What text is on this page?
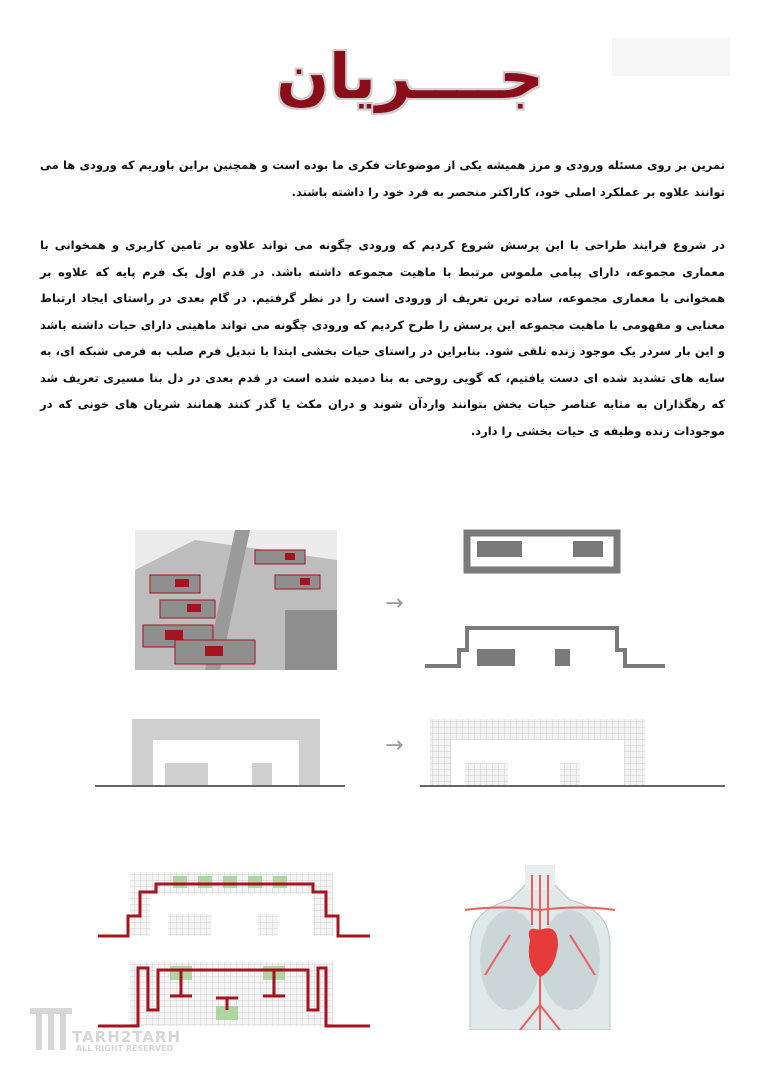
جــــریان
تمرین بر روی مسئله ورودی و مرز همیشه یکی از موضوعات فکری ما بوده است و همچنین براین باوریم که ورودی ها می توانند علاوه بر عملکرد اصلی خود، کاراکتر منحصر به فرد خود را داشته باشند.
در شروع فرایند طراحی با این پرسش شروع کردیم که ورودی چگونه می تواند علاوه بر تامین کاربری و همخوانی با معماری مجموعه، دارای پیامی ملموس مرتبط با ماهیت مجموعه داشته باشد. در قدم اول یک فرم پایه که علاوه بر همخوانی با معماری مجموعه، ساده ترین تعریف از ورودی است را در نظر گرفتیم. در گام بعدی در راستای ایجاد ارتباط معنایی و مفهومی با ماهیت مجموعه این پرسش را طرح کردیم که ورودی چگونه می تواند ماهیتی دارای حیات داشته باشد و این بار سردر یک موجود زنده تلقی شود. بنابراین در راستای حیات بخشی ابتدا با تبدیل فرم صلب به فرمی شبکه ای، به سایه های تشدید شده ای دست یافتیم، که گویی روحی به بنا دمیده شده است در قدم بعدی در دل بنا مسیری تعریف شد که رهگذاران به مثابه عناصر حیات بخش بتوانند واردآن شوند و دران مکث یا گذر کنند همانند شریان های خونی که در موجودات زنده وظیفه ی حیات بخشی را دارد.
→
→
TARH2TARH
ALL RIGHT RESERVED
